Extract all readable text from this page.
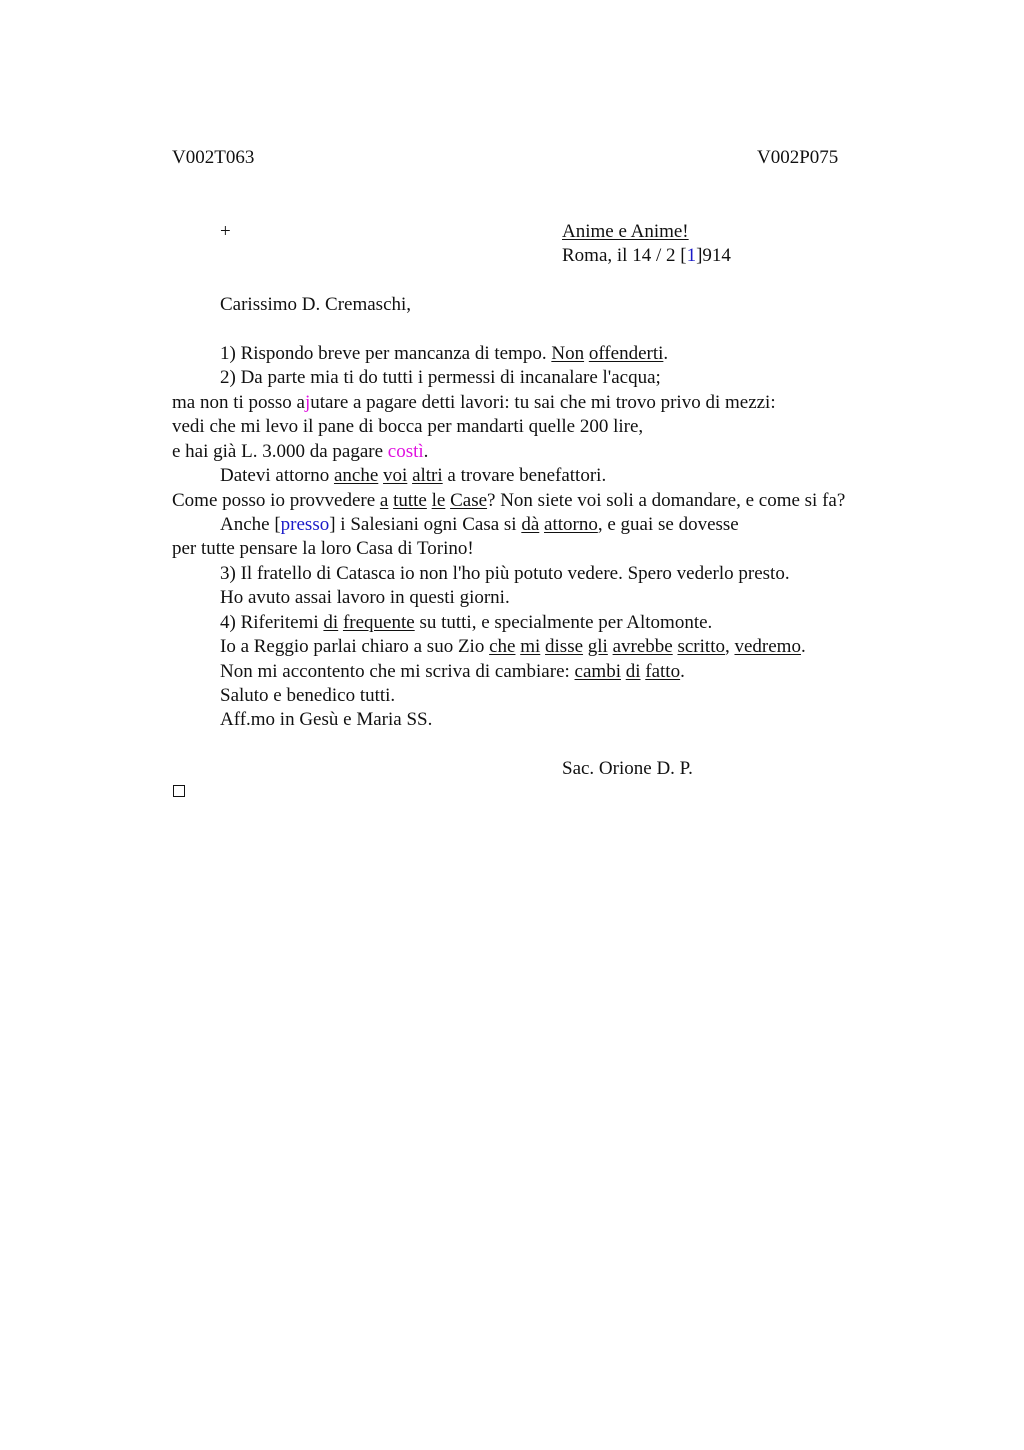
V002T063	V002P075
+	Anime e Anime!
Roma, il 14 / 2 [1]914
Carissimo D. Cremaschi,
1) Rispondo breve per mancanza di tempo. Non offenderti.
2) Da parte mia ti do tutti i permessi di incanalare l'acqua;
ma non ti posso ajutare a pagare detti lavori: tu sai che mi trovo privo di mezzi:
vedi che mi levo il pane di bocca per mandarti quelle 200 lire,
e hai già L. 3.000 da pagare costì.
Datevi attorno anche voi altri a trovare benefattori.
Come posso io provvedere a tutte le Case? Non siete voi soli a domandare, e come si fa?
Anche [presso] i Salesiani ogni Casa si dà attorno, e guai se dovesse
per tutte pensare la loro Casa di Torino!
3) Il fratello di Catasca io non l'ho più potuto vedere. Spero vederlo presto.
Ho avuto assai lavoro in questi giorni.
4) Riferitemi di frequente su tutti, e specialmente per Altomonte.
Io a Reggio parlai chiaro a suo Zio che mi disse gli avrebbe scritto, vedremo.
Non mi accontento che mi scriva di cambiare: cambi di fatto.
Saluto e benedico tutti.
Aff.mo in Gesù e Maria SS.
Sac. Orione D. P.
